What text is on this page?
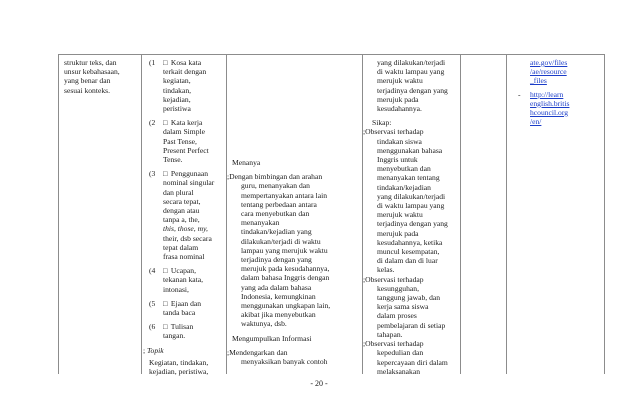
struktur teks, dan
unsur kebahasaan,
yang benar dan
sesuai konteks.
(1 □ Kosa kata
terkait dengan
kegiatan,
tindakan,
kejadian,
peristiwa
(2 □ Kata kerja
dalam Simple
Past Tense,
Present Perfect
Tense.
(3 □ Penggunaan
nominal singular
dan plural
secara tepat,
dengan atau
tanpa a, the,
this, those, my,
their, dsb secara
tepat dalam
frasa nominal
(4 □ Ucapan,
tekanan kata,
intonasi,
(5 □ Ejaan dan
tanda baca
(6 □ Tulisan
tangan.
; Topik
Kegiatan, tindakan,
kejadian, peristiwa,
Menanya
;Dengan bimbingan dan arahan
guru, menanyakan dan
mempertanyakan antara lain
tentang perbedaan antara
cara menyebutkan dan
menanyakan
tindakan/kejadian yang
dilakukan/terjadi di waktu
lampau yang merujuk waktu
terjadinya dengan yang
merujuk pada kesudahannya,
dalam bahasa Inggris dengan
yang ada dalam bahasa
Indonesia, kemungkinan
menggunakan ungkapan lain,
akibat jika menyebutkan
waktunya, dsb.
Mengumpulkan Informasi
;Mendengarkan dan
menyaksikan banyak contoh
yang dilakukan/terjadi
di waktu lampau yang
merujuk waktu
terjadinya dengan yang
merujuk pada
kesudahannya.
Sikap:
;Observasi terhadap
tindakan siswa
menggunakan bahasa
Inggris untuk
menyebutkan dan
menanyakan tentang
tindakan/kejadian
yang dilakukan/terjadi
di waktu lampau yang
merujuk waktu
terjadinya dengan yang
merujuk pada
kesudahannya, ketika
muncul kesempatan,
di dalam dan di luar
kelas.
;Observasi terhadap
kesungguhan,
tanggung jawab, dan
kerja sama siswa
dalam proses
pembelajaran di setiap
tahapan.
;Observasi terhadap
kepedulian dan
kepercayaan diri dalam
melaksanakan
ate.gov/files
/ae/resource
_files
- http://learn
english.britis
hcouncil.org
/en/
- 20 -
